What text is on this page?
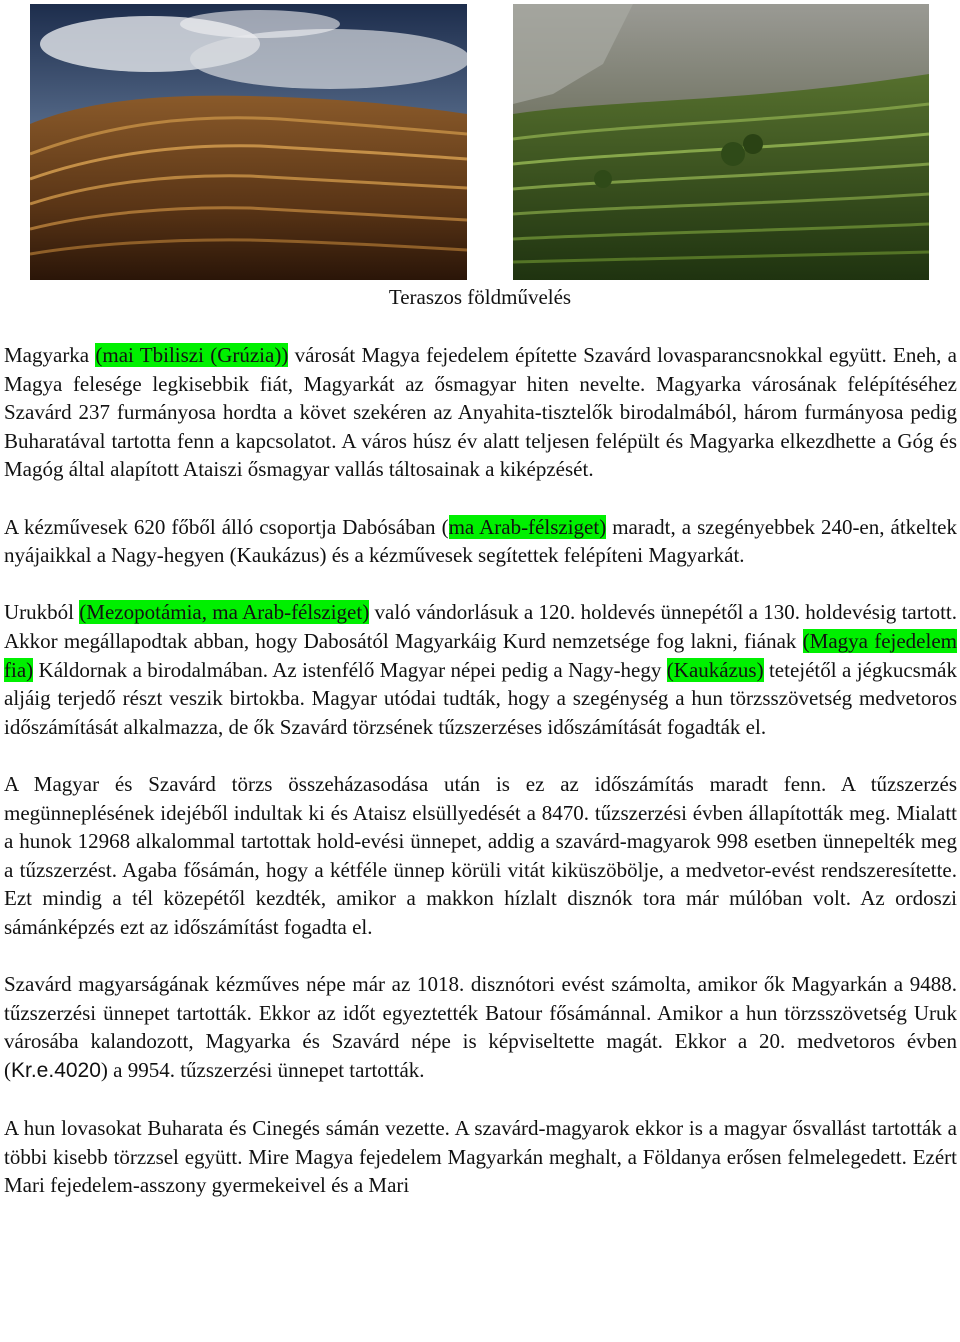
Teraszos földművelés

Magyarka (mai Tbiliszi (Grúzia)) városát Magya fejedelem építette Szavárd lovasparancsnokkal együtt. Eneh, a Magya felesége legkisebbik fiát, Magyarkát az ősmagyar hiten nevelte. Magyarka városának felépítéséhez Szavárd 237 furmányosa hordta a követ szekéren az Anyahita-tisztelők birodalmából, három furmányosa pedig Buharatával tartotta fenn a kapcsolatot. A város húsz év alatt teljesen felépült és Magyarka elkezdhette a Góg és Magóg által alapított Ataiszi ősmagyar vallás táltosainak a kiképzését.

A kézművesek 620 főből álló csoportja Dabósában (ma Arab-félsziget) maradt, a szegényebbek 240-en, átkeltek nyájaikkal a Nagy-hegyen (Kaukázus) és a kézművesek segítettek felépíteni Magyarkát.

Urukból (Mezopotámia, ma Arab-félsziget) való vándorlásuk a 120. holdevés ünnepétől a 130. holdevésig tartott. Akkor megállapodtak abban, hogy Dabosától Magyarkáig Kurd nemzetsége fog lakni, fiának (Magya fejedelem fia) Káldornak a birodalmában. Az istenfélő Magyar népei pedig a Nagy-hegy (Kaukázus) tetejétől a jégkucsmák aljáig terjedő részt veszik birtokba. Magyar utódai tudták, hogy a szegénység a hun törzsszövetség medvetoros időszámítását alkalmazza, de ők Szavárd törzsének tűzszerzéses időszámítását fogadták el.

A Magyar és Szavárd törzs összeházasodása után is ez az időszámítás maradt fenn. A tűzszerzés megünneplésének idejéből indultak ki és Ataisz elsüllyedését a 8470. tűzszerzési évben állapították meg. Mialatt a hunok 12968 alkalommal tartottak hold-evési ünnepet, addig a szavárd-magyarok 998 esetben ünnepelték meg a tűzszerzést. Agaba fősámán, hogy a kétféle ünnep körüli vitát kiküszöbölje, a medvetor-evést rendszeresítette. Ezt mindig a tél közepétől kezdték, amikor a makkon hízlalt disznók tora már múlóban volt. Az ordoszi sámánképzés ezt az időszámítást fogadta el.

Szavárd magyarságának kézműves népe már az 1018. disznótori evést számolta, amikor ők Magyarkán a 9488. tűzszerzési ünnepet tartották. Ekkor az időt egyeztették Batour fősámánnal. Amikor a hun törzsszövetség Uruk városába kalandozott, Magyarka és Szavárd népe is képviseltette magát. Ekkor a 20. medvetoros évben (Kr.e.4020) a 9954. tűzszerzési ünnepet tartották.

A hun lovasokat Buharata és Cinegés sámán vezette. A szavárd-magyarok ekkor is a magyar ősvallást tartották a többi kisebb törzzsel együtt. Mire Magya fejedelem Magyarkán meghalt, a Földanya erősen felmelegedett. Ezért Mari fejedelem-asszony gyermekeivel és a Mari
